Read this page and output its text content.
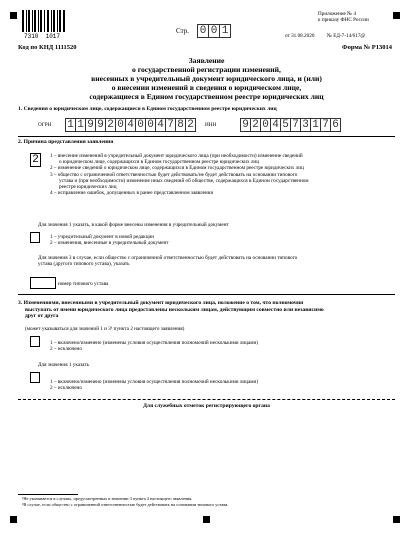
7310  1017
Стр. 0 0 1
Приложение № 4
к приказу ФНС России
от 31.08.2020 № ЕД-7-14/617@
Код по КНД 1111520	Форма № Р13014
Заявление
о государственной регистрации изменений,
внесенных в учредительный документ юридического лица, и (или)
о внесении изменений в сведения о юридическом лице,
содержащиеся в Едином государственном реестре юридических лиц
1. Сведения о юридическом лице, содержащиеся в Едином государственном реестре юридических лиц
ОГРН 1 1 9 9 2 0 4 0 0 4 7 8 2	ИНН 9 2 0 4 5 7 3 1 7 6
2. Причина представления заявления
2	1 – внесение изменений в учредительный документ юридического лица (при необходимости) изменение сведений
о юридическом лице, содержащихся в Едином государственном реестре юридических лиц
2 – изменение сведений о юридическом лице, содержащихся в Едином государственном реестре юридических лиц
3 – общество с ограниченной ответственностью будет действовать/не будет действовать на основании типового
устава и (при необходимости) изменение иных сведений об обществе, содержащихся в Едином государственном
реестре юридических лиц
4 – исправление ошибок, допущенных в ранее представленном заявлении
Для значения 1 указать, в какой форме внесены изменения в учредительный документ
1 – учредительный документ в новой редакции
2 – изменения, внесенные в учредительный документ
Для значения 3 в случае, если общество с ограниченной ответственностью будет действовать на основании типового
устава (другого типового устава), указать
номер типового устава
3. Изменениями, внесенными в учредительный документ юридического лица, положение о том, что полномочия
выступать от имени юридического лица предоставлены нескольким лицам, действующим совместно или независимо
друг от друга
(может указываться для значений 1 и 3¹ пункта 2 настоящего заявления)
1 – включено/изменено (изменены условия осуществления полномочий несколькими лицами)
2 – исключено
Для значения 1 указать
1 – включено/изменено (изменены условия осуществления полномочий несколькими лицами)
2 – исключено
Для служебных отметок регистрирующего органа
¹Не указывается в случаях, предусмотренных в значении 3 пункта 2 настоящего заявления.
²В случае, если общество с ограниченной ответственностью будет действовать на основании типового устава.
